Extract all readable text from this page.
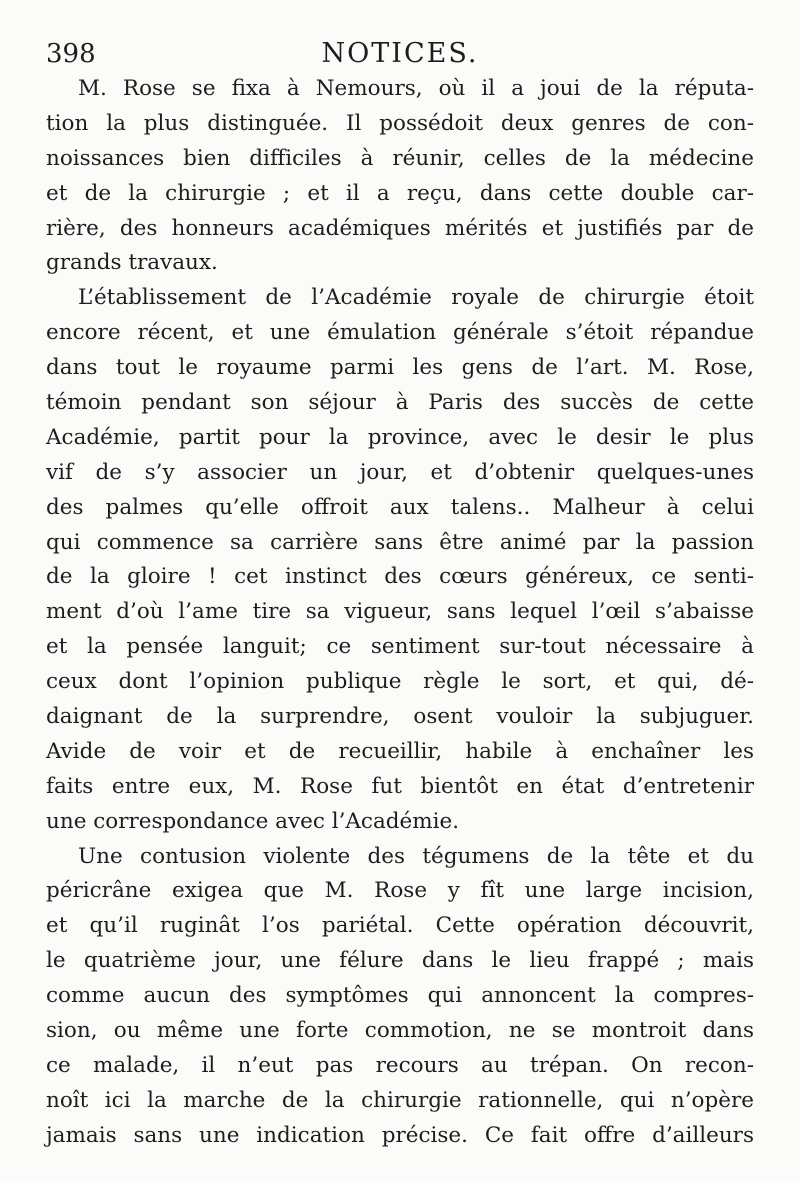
398	NOTICES.
M. Rose se fixa à Nemours, où il a joui de la réputa-
tion la plus distinguée. Il possédoit deux genres de con-
noissances bien difficiles à réunir, celles de la médecine
et de la chirurgie ; et il a reçu, dans cette double car-
rière, des honneurs académiques mérités et justifiés par de
grands travaux.
L’établissement de l’Académie royale de chirurgie étoit
encore récent, et une émulation générale s’étoit répandue
dans tout le royaume parmi les gens de l’art. M. Rose,
témoin pendant son séjour à Paris des succès de cette
Académie, partit pour la province, avec le desir le plus
vif de s’y associer un jour, et d’obtenir quelques-unes
des palmes qu’elle offroit aux talens.. Malheur à celui
qui commence sa carrière sans être animé par la passion
de la gloire ! cet instinct des cœurs généreux, ce senti-
ment d’où l’ame tire sa vigueur, sans lequel l’œil s’abaisse
et la pensée languit; ce sentiment sur-tout nécessaire à
ceux dont l’opinion publique règle le sort, et qui, dé-
daignant de la surprendre, osent vouloir la subjuguer.
Avide de voir et de recueillir, habile à enchaîner les
faits entre eux, M. Rose fut bientôt en état d’entretenir
une correspondance avec l’Académie.
Une contusion violente des tégumens de la tête et du
péricrâne exigea que M. Rose y fît une large incision,
et qu’il ruginât l’os pariétal. Cette opération découvrit,
le quatrième jour, une félure dans le lieu frappé ; mais
comme aucun des symptômes qui annoncent la compres-
sion, ou même une forte commotion, ne se montroit dans
ce malade, il n’eut pas recours au trépan. On recon-
noît ici la marche de la chirurgie rationnelle, qui n’opère
jamais sans une indication précise. Ce fait offre d’ailleurs
